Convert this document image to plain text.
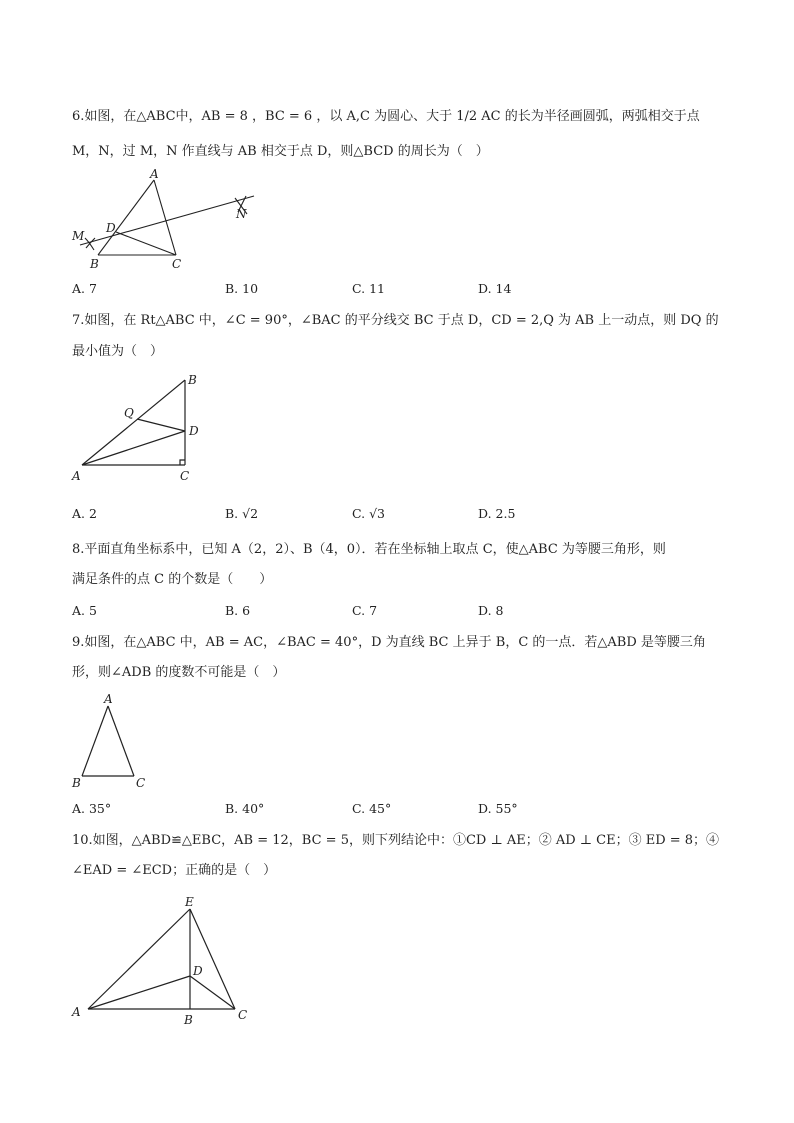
6.如图，在△ABC中，AB = 8 ，BC = 6 ，以 A,C 为圆心、大于 1/2 AC 的长为半径画圆弧，两弧相交于点
M，N，过 M，N 作直线与 AB 相交于点 D，则△BCD 的周长为（　）
A
B	C
D
M
N
A. 7	B. 10	C. 11	D. 14
7.如图，在 Rt△ABC 中，∠C = 90°，∠BAC 的平分线交 BC 于点 D，CD = 2,Q 为 AB 上一动点，则 DQ 的
最小值为（　）
B
D
C
A
Q
A. 2	B. √2	C. √3	D. 2.5
8.平面直角坐标系中，已知 A（2，2）、B（4，0）．若在坐标轴上取点 C，使△ABC 为等腰三角形，则
满足条件的点 C 的个数是（　　）
A. 5	B. 6	C. 7	D. 8
9.如图，在△ABC 中，AB = AC，∠BAC = 40°，D 为直线 BC 上异于 B，C 的一点．若△ABD 是等腰三角
形，则∠ADB 的度数不可能是（　）
A
B	C
A. 35°	B. 40°	C. 45°	D. 55°
10.如图，△ABD≌△EBC，AB = 12，BC = 5，则下列结论中：①CD ⊥ AE；② AD ⊥ CE；③ ED = 8；④
∠EAD = ∠ECD；正确的是（　）
E
D
A
B	C
